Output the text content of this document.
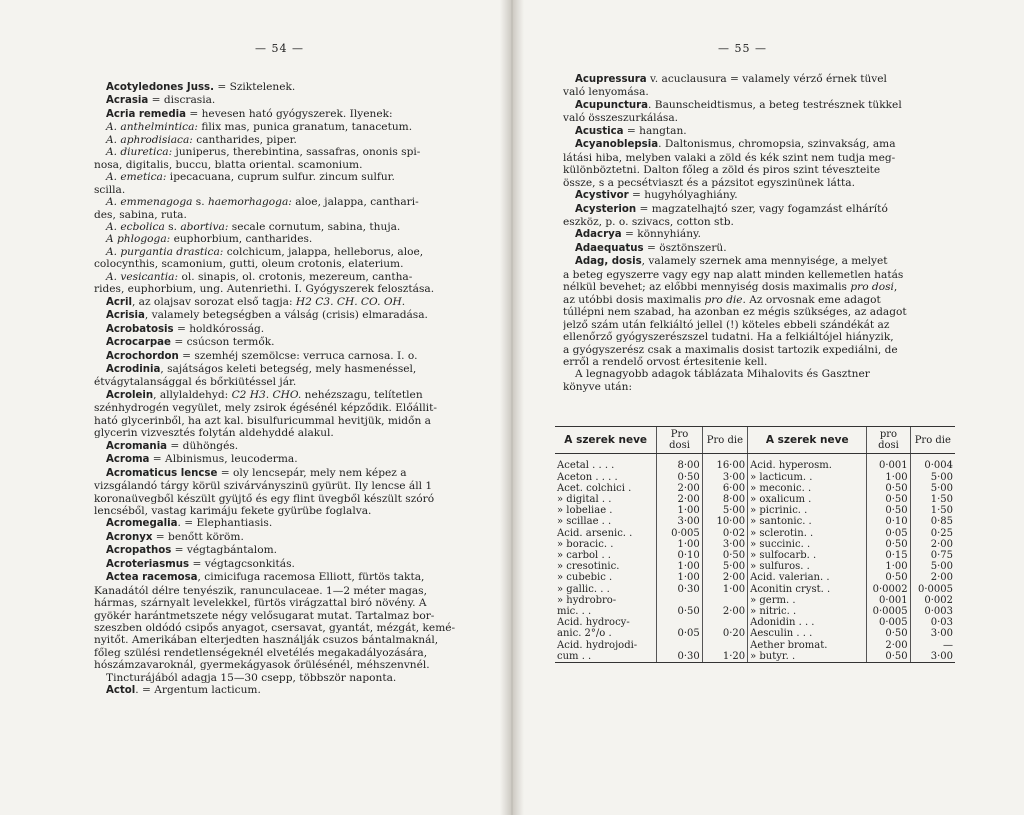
— 54 —

Acotyledones Juss. = Sziktelenek.

Acrasia = discrasia.

Acria remedia = hevesen ható gyógyszerek. Ilyenek:

A. anthelmintica: filix mas, punica granatum, tanacetum.

A. aphrodisiaca: cantharides, piper.

A. diuretica: juniperus, therebintina, sassafras, ononis spi-

nosa, digitalis, buccu, blatta oriental. scamonium.

A. emetica: ipecacuana, cuprum sulfur. zincum sulfur.

scilla.

A. emmenagoga s. haemorhagoga: aloe, jalappa, canthari-

des, sabina, ruta.

A. ecbolica s. abortiva: secale cornutum, sabina, thuja.

A phlogoga: euphorbium, cantharides.

A. purgantia drastica: colchicum, jalappa, helleborus, aloe,

colocynthis, scamonium, gutti, oleum crotonis, elaterium.

A. vesicantia: ol. sinapis, ol. crotonis, mezereum, cantha-

rides, euphorbium, ung. Autenriethi. I. Gyógyszerek felosztása.

Acril, az olajsav sorozat első tagja: H2 C3. CH. CO. OH.

Acrisia, valamely betegségben a válság (crisis) elmaradása.

Acrobatosis = holdkórosság.

Acrocarpae = csúcson termők.

Acrochordon = szemhéj szemölcse: verruca carnosa. I. o.

Acrodinia, sajátságos keleti betegség, mely hasmenéssel,

étvágytalansággal és bőrkiütéssel jár.

Acrolein, allylaldehyd: C2 H3. CHO. nehézszagu, telítetlen

szénhydrogén vegyület, mely zsirok égésénél képződik. Előállit-

ható glycerinből, ha azt kal. bisulfuricummal hevitjük, midőn a

glycerin vizvesztés folytán aldehyddé alakul.

Acromania = dühöngés.

Acroma = Albinismus, leucoderma.

Acromaticus lencse = oly lencsepár, mely nem képez a

vizsgálandó tárgy körül szivárványszinü gyürüt. Ily lencse áll 1

koronaüvegből készült gyüjtő és egy flint üvegből készült szóró

lencséből, vastag karimáju fekete gyürübe foglalva.

Acromegalia. = Elephantiasis.

Acronyx = benőtt köröm.

Acropathos = végtagbántalom.

Acroteriasmus = végtagcsonkitás.

Actea racemosa, cimicifuga racemosa Elliott, fürtös takta,

Kanadától délre tenyészik, ranunculaceae. 1—2 méter magas,

hármas, szárnyalt levelekkel, fürtös virágzattal biró növény. A

gyökér harántmetszete négy velősugarat mutat. Tartalmaz bor-

szeszben oldódó csipős anyagot, csersavat, gyantát, mézgát, kemé-

nyitőt. Amerikában elterjedten használják csuzos bántalmaknál,

főleg szülési rendetlenségeknél elvetélés megakadályozására,

hószámzavaroknál, gyermekágyasok őrülésénél, méhszenvnél.

Tincturájából adagja 15—30 csepp, többször naponta.

Actol. = Argentum lacticum.

— 55 —

Acupressura v. acuclausura = valamely vérző érnek tüvel

való lenyomása.

Acupunctura. Baunscheidtismus, a beteg testrésznek tükkel

való összeszurkálása.

Acustica = hangtan.

Acyanoblepsia. Daltonismus, chromopsia, szinvakság, ama

látási hiba, melyben valaki a zöld és kék szint nem tudja meg-

különböztetni. Dalton főleg a zöld és piros szint téveszteite

össze, s a pecsétviaszt és a pázsitot egyszinünek látta.

Acystivor = hugyhólyaghiány.

Acysterion = magzatelhajtó szer, vagy fogamzást elhárító

eszköz, p. o. szivacs, cotton stb.

Adacrya = könnyhiány.

Adaequatus = ösztönszerü.

Adag, dosis, valamely szernek ama mennyisége, a melyet

a beteg egyszerre vagy egy nap alatt minden kellemetlen hatás

nélkül bevehet; az előbbi mennyiség dosis maximalis pro dosi,

az utóbbi dosis maximalis pro die. Az orvosnak eme adagot

túllépni nem szabad, ha azonban ez mégis szükséges, az adagot

jelző szám után felkiáltó jellel (!) köteles ebbeli szándékát az

ellenőrző gyógyszerészszel tudatni. Ha a felkiáltójel hiányzik,

a gyógyszerész csak a maximalis dosist tartozik expediálni, de

erről a rendelő orvost értesitenie kell.

A legnagyobb adagok táblázata Mihalovits és Gasztner

könyve után:

A szerek neve	Pro dosi	Pro die	A szerek neve	pro dosi	Pro die

Acetal . . . .	8·00	16·00	Acid. hyperosm.	0·001	0·004
Aceton . . . .	0·50	3·00	» lacticum. .	1·00	5·00
Acet. colchici .	2·00	6·00	» meconic. .	0·50	5·00
» digital . .	2·00	8·00	» oxalicum .	0·50	1·50
» lobeliae .	1·00	5·00	» picrinic. .	0·50	1·50
» scillae . .	3·00	10·00	» santonic. .	0·10	0·85
Acid. arsenic. .	0·005	0·02	» sclerotin. .	0·05	0·25
» boracic. .	1·00	3·00	» succinic. .	0·50	2·00
» carbol . .	0·10	0·50	» sulfocarb. .	0·15	0·75
» cresotinic.	1·00	5·00	» sulfuros. .	1·00	5·00
» cubebic .	1·00	2·00	Acid. valerian. .	0·50	2·00
» gallic. . .	0·30	1·00	Aconitin cryst. .	0·0002	0·0005
» hydrobro-			» germ. .	0·001	0·002
mic. . .	0·50	2·00	» nitric. .	0·0005	0·003
Acid. hydrocy-			Adonidin . . .	0·005	0·03
anic. 2°/o .	0·05	0·20	Aesculin . . .	0·50	3·00
Acid. hydrojodi-			Aether bromat.	2·00	—
cum . .	0·30	1·20	» butyr. .	0·50	3·00
